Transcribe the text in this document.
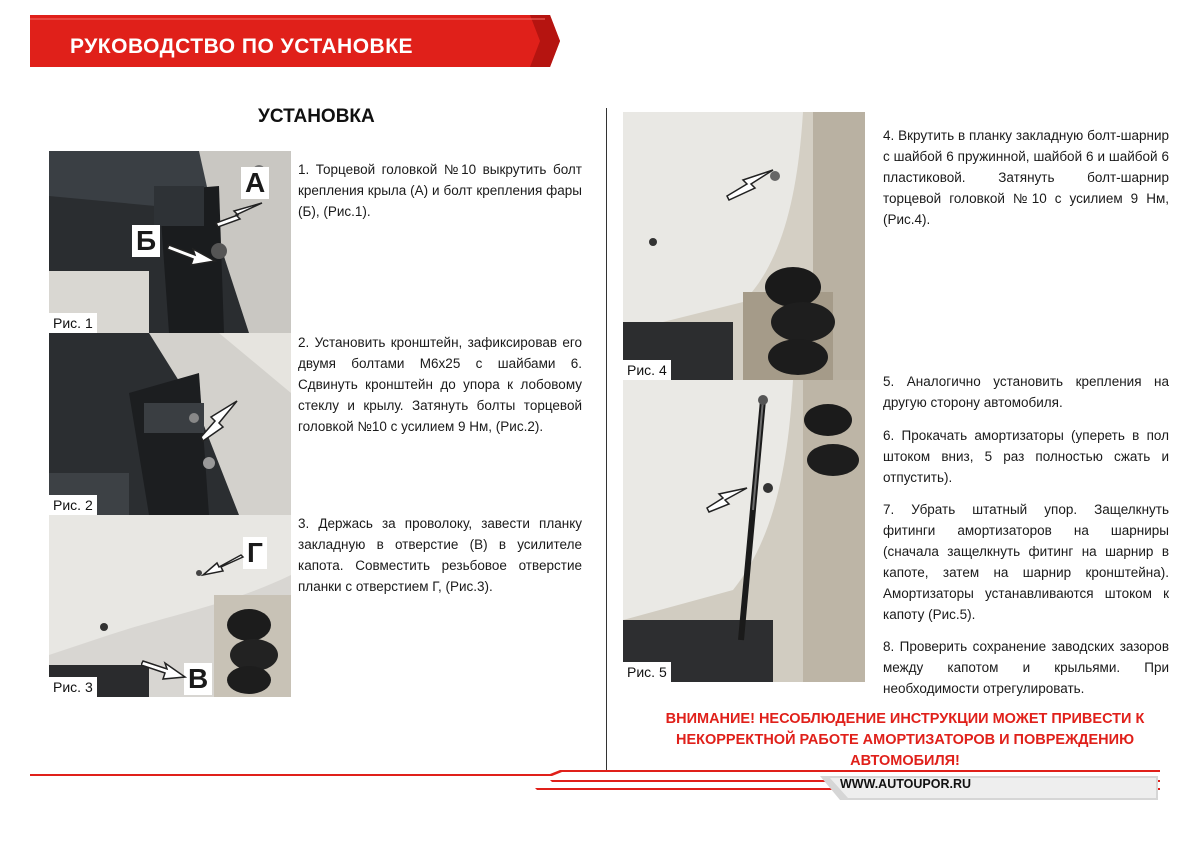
РУКОВОДСТВО ПО УСТАНОВКЕ
УСТАНОВКА
А
Б
Рис. 1
Рис. 2
Г
В
Рис. 3
Рис. 4
Рис. 5
1. Торцевой головкой №10 выкрутить болт крепления крыла (А) и болт крепления фары (Б), (Рис.1).
2. Установить кронштейн, зафиксировав его двумя болтами М6х25 с шайбами 6. Сдвинуть кронштейн до упора к лобовому стеклу и крылу. Затянуть болты торцевой головкой №10 с усилием 9 Нм, (Рис.2).
3. Держась за проволоку, завести планку закладную в отверстие (В) в усилителе капота. Совместить резьбовое отверстие планки с отверстием Г, (Рис.3).
4. Вкрутить в планку закладную болт-шарнир с шайбой 6 пружинной, шайбой 6 и шайбой 6 пластиковой. Затянуть болт-шарнир торцевой головкой №10 с усилием 9 Нм, (Рис.4).
5. Аналогично установить крепления на другую сторону автомобиля.
6. Прокачать амортизаторы (упереть в пол штоком вниз, 5 раз полностью сжать и отпустить).
7. Убрать штатный упор. Защелкнуть фитинги амортизаторов на шарниры (сначала защелкнуть фитинг на шарнир в капоте, затем на шарнир кронштейна). Амортизаторы устанавливаются штоком к капоту (Рис.5).
8. Проверить сохранение заводских зазоров между капотом и крыльями. При необходимости отрегулировать.
ВНИМАНИЕ! НЕСОБЛЮДЕНИЕ ИНСТРУКЦИИ МОЖЕТ ПРИВЕСТИ К НЕКОРРЕКТНОЙ РАБОТЕ АМОРТИЗАТОРОВ И ПОВРЕЖДЕНИЮ АВТОМОБИЛЯ!
WWW.AUTOUPOR.RU
